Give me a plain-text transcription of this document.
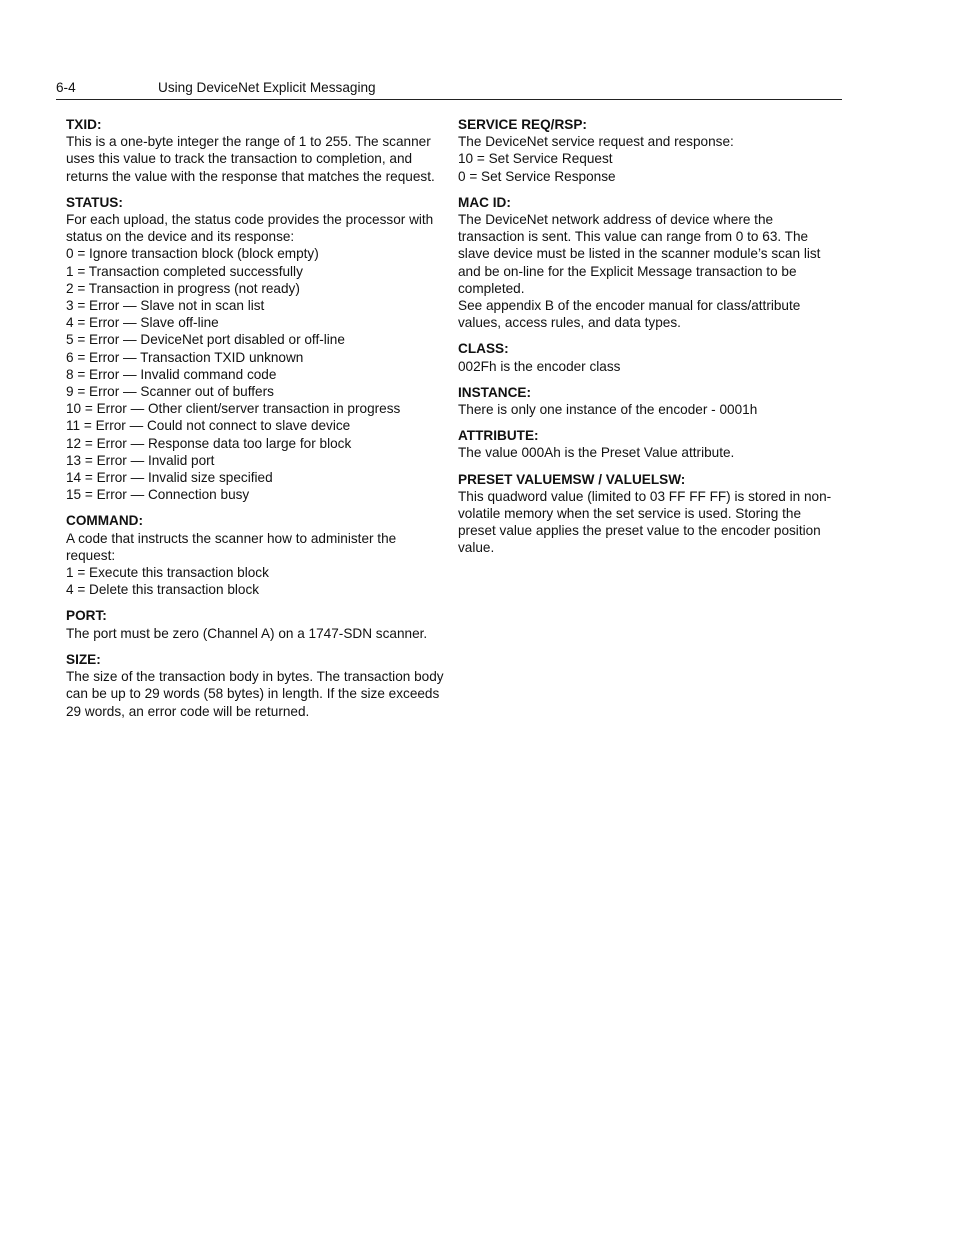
6-4	Using DeviceNet Explicit Messaging
TXID:
This is a one-byte integer the range of 1 to 255. The scanner uses this value to track the transaction to completion, and returns the value with the response that matches the request.
STATUS:
For each upload, the status code provides the processor with status on the device and its response:
0 = Ignore transaction block (block empty)
1 = Transaction completed successfully
2 = Transaction in progress (not ready)
3 = Error — Slave not in scan list
4 = Error — Slave off-line
5 = Error — DeviceNet port disabled or off-line
6 = Error — Transaction TXID unknown
8 = Error — Invalid command code
9 = Error — Scanner out of buffers
10 = Error — Other client/server transaction in progress
11 = Error — Could not connect to slave device
12 = Error — Response data too large for block
13 = Error — Invalid port
14 = Error — Invalid size specified
15 = Error — Connection busy
COMMAND:
A code that instructs the scanner how to administer the request:
1 = Execute this transaction block
4 = Delete this transaction block
PORT:
The port must be zero (Channel A) on a 1747-SDN scanner.
SIZE:
The size of the transaction body in bytes. The transaction body can be up to 29 words (58 bytes) in length. If the size exceeds 29 words, an error code will be returned.
SERVICE REQ/RSP:
The DeviceNet service request and response:
10 = Set Service Request
0 = Set Service Response
MAC ID:
The DeviceNet network address of device where the transaction is sent. This value can range from 0 to 63. The slave device must be listed in the scanner module’s scan list and be on-line for the Explicit Message transaction to be completed.
See appendix B of the encoder manual for class/attribute values, access rules, and data types.
CLASS:
002Fh is the encoder class
INSTANCE:
There is only one instance of the encoder - 0001h
ATTRIBUTE:
The value 000Ah is the Preset Value attribute.
PRESET VALUEMSW / VALUELSW:
This quadword value (limited to 03 FF FF FF) is stored in non-volatile memory when the set service is used. Storing the preset value applies the preset value to the encoder position value.
